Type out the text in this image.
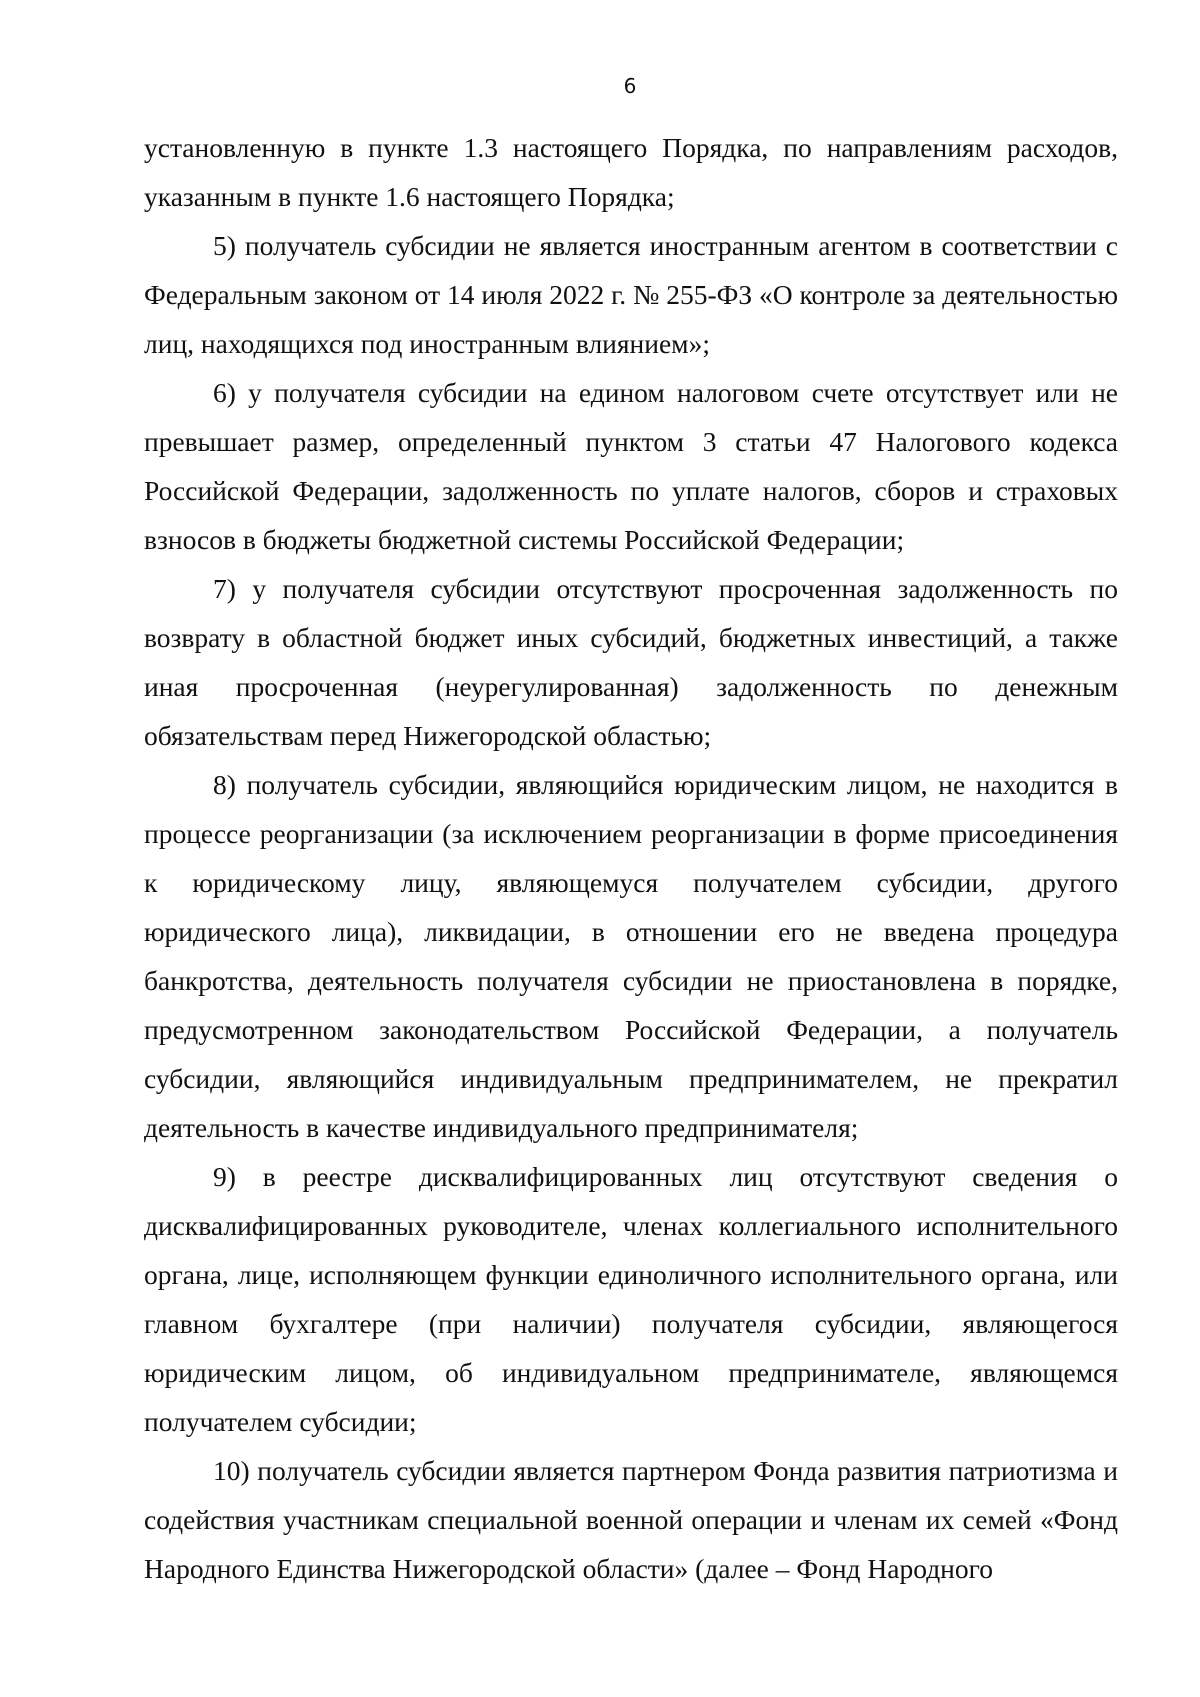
6

установленную в пункте 1.3 настоящего Порядка, по направлениям расходов, указанным в пункте 1.6 настоящего Порядка;

5) получатель субсидии не является иностранным агентом в соответствии с Федеральным законом от 14 июля 2022 г. № 255-ФЗ «О контроле за деятельностью лиц, находящихся под иностранным влиянием»;

6) у получателя субсидии на едином налоговом счете отсутствует или не превышает размер, определенный пунктом 3 статьи 47 Налогового кодекса Российской Федерации, задолженность по уплате налогов, сборов и страховых взносов в бюджеты бюджетной системы Российской Федерации;

7) у получателя субсидии отсутствуют просроченная задолженность по возврату в областной бюджет иных субсидий, бюджетных инвестиций, а также иная просроченная (неурегулированная) задолженность по денежным обязательствам перед Нижегородской областью;

8) получатель субсидии, являющийся юридическим лицом, не находится в процессе реорганизации (за исключением реорганизации в форме присоединения к юридическому лицу, являющемуся получателем субсидии, другого юридического лица), ликвидации, в отношении его не введена процедура банкротства, деятельность получателя субсидии не приостановлена в порядке, предусмотренном законодательством Российской Федерации, а получатель субсидии, являющийся индивидуальным предпринимателем, не прекратил деятельность в качестве индивидуального предпринимателя;

9) в реестре дисквалифицированных лиц отсутствуют сведения о дисквалифицированных руководителе, членах коллегиального исполнительного органа, лице, исполняющем функции единоличного исполнительного органа, или главном бухгалтере (при наличии) получателя субсидии, являющегося юридическим лицом, об индивидуальном предпринимателе, являющемся получателем субсидии;

10) получатель субсидии является партнером Фонда развития патриотизма и содействия участникам специальной военной операции и членам их семей «Фонд Народного Единства Нижегородской области» (далее – Фонд Народного
